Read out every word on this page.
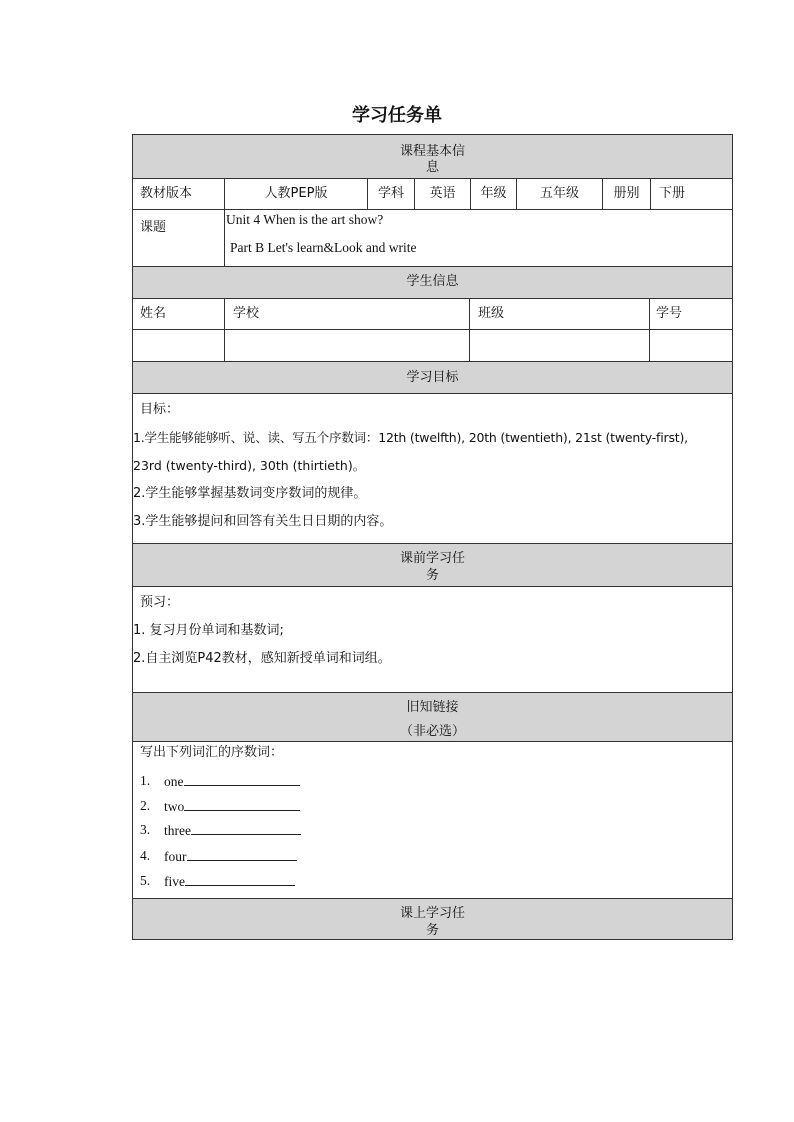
学习任务单
课程基本信
息
教材版本	人教PEP版	学科	英语	年级	五年级	册别	下册
课题
Unit 4 When is the art show?
Part B Let's learn&Look and write
学生信息
姓名	学校	班级	学号
学习目标
目标：
1.学生能够能够听、说、读、写五个序数词：12th (twelfth), 20th (twentieth), 21st (twenty-first),
23rd (twenty-third), 30th (thirtieth)。
2.学生能够掌握基数词变序数词的规律。
3.学生能够提问和回答有关生日日期的内容。
课前学习任
务
预习：
1. 复习月份单词和基数词;
2.自主浏览P42教材，感知新授单词和词组。
旧知链接
（非必选）
写出下列词汇的序数词：
1. one
2. two
3. three
4. four
5. five
课上学习任
务
